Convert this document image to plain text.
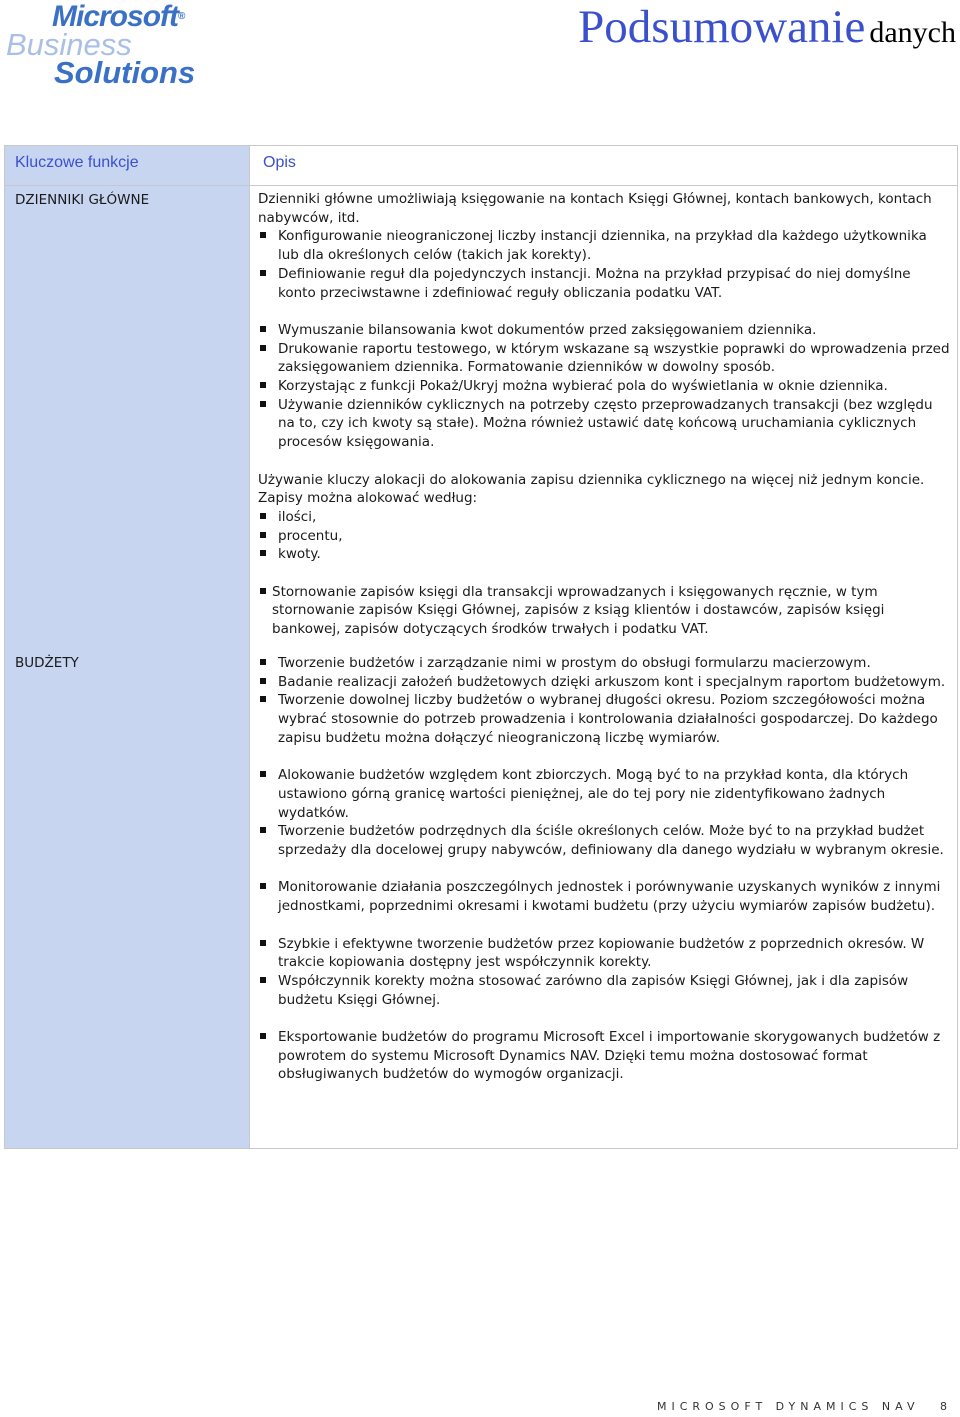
Microsoft®
Business
Solutions
Podsumowanie danych
Kluczowe funkcje	Opis
DZIENNIKI GŁÓWNE
BUDŻETY

Dzienniki główne umożliwiają księgowanie na kontach Księgi Głównej, kontach bankowych, kontach nabywców, itd.

Konfigurowanie nieograniczonej liczby instancji dziennika, na przykład dla każdego użytkownika lub dla określonych celów (takich jak korekty).
Definiowanie reguł dla pojedynczych instancji. Można na przykład przypisać do niej domyślne konto przeciwstawne i zdefiniować reguły obliczania podatku VAT.
Wymuszanie bilansowania kwot dokumentów przed zaksięgowaniem dziennika.
Drukowanie raportu testowego, w którym wskazane są wszystkie poprawki do wprowadzenia przed zaksięgowaniem dziennika. Formatowanie dzienników w dowolny sposób.
Korzystając z funkcji Pokaż/Ukryj można wybierać pola do wyświetlania w oknie dziennika.
Używanie dzienników cyklicznych na potrzeby często przeprowadzanych transakcji (bez względu na to, czy ich kwoty są stałe). Można również ustawić datę końcową uruchamiania cyklicznych procesów księgowania.

Używanie kluczy alokacji do alokowania zapisu dziennika cyklicznego na więcej niż jednym koncie. Zapisy można alokować według:

ilości,
procentu,
kwoty.
Stornowanie zapisów księgi dla transakcji wprowadzanych i księgowanych ręcznie, w tym stornowanie zapisów Księgi Głównej, zapisów z ksiąg klientów i dostawców, zapisów księgi bankowej, zapisów dotyczących środków trwałych i podatku VAT.
Tworzenie budżetów i zarządzanie nimi w prostym do obsługi formularzu macierzowym.
Badanie realizacji założeń budżetowych dzięki arkuszom kont i specjalnym raportom budżetowym.
Tworzenie dowolnej liczby budżetów o wybranej długości okresu. Poziom szczegółowości można wybrać stosownie do potrzeb prowadzenia i kontrolowania działalności gospodarczej. Do każdego zapisu budżetu można dołączyć nieograniczoną liczbę wymiarów.
Alokowanie budżetów względem kont zbiorczych. Mogą być to na przykład konta, dla których ustawiono górną granicę wartości pieniężnej, ale do tej pory nie zidentyfikowano żadnych wydatków.
Tworzenie budżetów podrzędnych dla ściśle określonych celów. Może być to na przykład budżet sprzedaży dla docelowej grupy nabywców, definiowany dla danego wydziału w wybranym okresie.
Monitorowanie działania poszczególnych jednostek i porównywanie uzyskanych wyników z innymi jednostkami, poprzednimi okresami i kwotami budżetu (przy użyciu wymiarów zapisów budżetu).
Szybkie i efektywne tworzenie budżetów przez kopiowanie budżetów z poprzednich okresów. W trakcie kopiowania dostępny jest współczynnik korekty.
Współczynnik korekty można stosować zarówno dla zapisów Księgi Głównej, jak i dla zapisów budżetu Księgi Głównej.
Eksportowanie budżetów do programu Microsoft Excel i importowanie skorygowanych budżetów z powrotem do systemu Microsoft Dynamics NAV. Dzięki temu można dostosować format obsługiwanych budżetów do wymogów organizacji.
MICROSOFT DYNAMICS NAV 8
